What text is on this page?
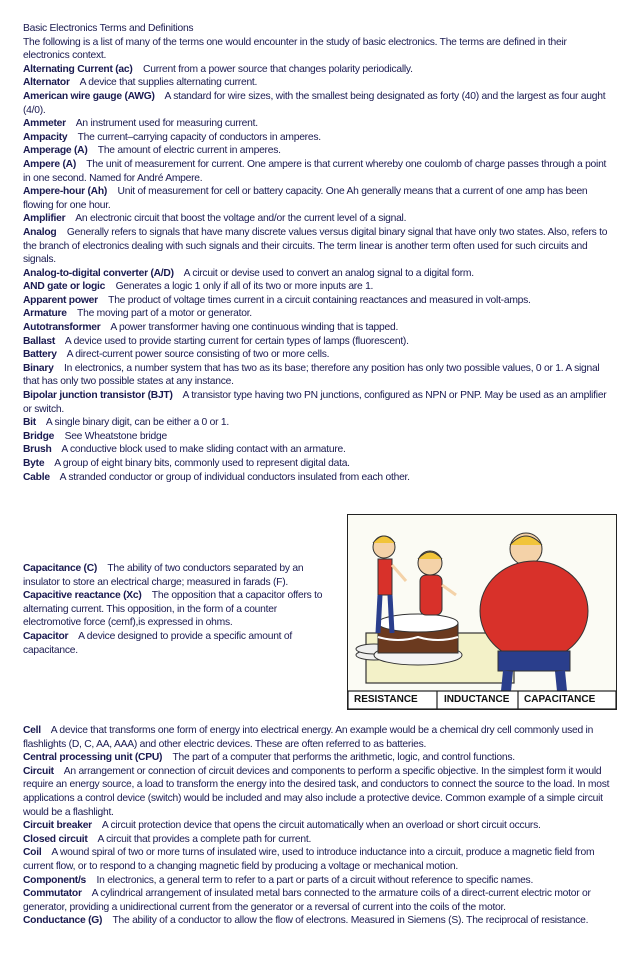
Basic Electronics Terms and Definitions

The following is a list of many of the terms one would encounter in the study of basic electronics. The terms are defined in their electronics context.

Alternating Current (ac) Current from a power source that changes polarity periodically.

Alternator A device that supplies alternating current.

American wire gauge (AWG) A standard for wire sizes, with the smallest being designated as forty (40) and the largest as four aught (4/0).

Ammeter An instrument used for measuring current.

Ampacity The current–carrying capacity of conductors in amperes.

Amperage (A) The amount of electric current in amperes.

Ampere (A) The unit of measurement for current. One ampere is that current whereby one coulomb of charge passes through a point in one second. Named for André Ampere.

Ampere-hour (Ah) Unit of measurement for cell or battery capacity. One Ah generally means that a current of one amp has been flowing for one hour.

Amplifier An electronic circuit that boost the voltage and/or the current level of a signal.

Analog Generally refers to signals that have many discrete values versus digital binary signal that have only two states. Also, refers to the branch of electronics dealing with such signals and their circuits. The term linear is another term often used for such circuits and signals.

Analog-to-digital converter (A/D) A circuit or devise used to convert an analog signal to a digital form.

AND gate or logic Generates a logic 1 only if all of its two or more inputs are 1.

Apparent power The product of voltage times current in a circuit containing reactances and measured in volt-amps.

Armature The moving part of a motor or generator.

Autotransformer A power transformer having one continuous winding that is tapped.

Ballast A device used to provide starting current for certain types of lamps (fluorescent).

Battery A direct-current power source consisting of two or more cells.

Binary In electronics, a number system that has two as its base; therefore any position has only two possible values, 0 or 1. A signal that has only two possible states at any instance.

Bipolar junction transistor (BJT) A transistor type having two PN junctions, configured as NPN or PNP. May be used as an amplifier or switch.

Bit A single binary digit, can be either a 0 or 1.

Bridge See Wheatstone bridge

Brush A conductive block used to make sliding contact with an armature.

Byte A group of eight binary bits, commonly used to represent digital data.

Cable A stranded conductor or group of individual conductors insulated from each other.

Capacitance (C) The ability of two conductors separated by an insulator to store an electrical charge; measured in farads (F).

Capacitive reactance (Xc) The opposition that a capacitor offers to alternating current. This opposition, in the form of a counter electromotive force (cemf),is expressed in ohms.

Capacitor A device designed to provide a specific amount of capacitance.

RESISTANCE	INDUCTANCE CAPACITANCE

Cell A device that transforms one form of energy into electrical energy. An example would be a chemical dry cell commonly used in flashlights (D, C, AA, AAA) and other electric devices. These are often referred to as batteries.

Central processing unit (CPU) The part of a computer that performs the arithmetic, logic, and control functions.

Circuit An arrangement or connection of circuit devices and components to perform a specific objective. In the simplest form it would require an energy source, a load to transform the energy into the desired task, and conductors to connect the source to the load. In most applications a control device (switch) would be included and may also include a protective device. Common example of a simple circuit would be a flashlight.

Circuit breaker A circuit protection device that opens the circuit automatically when an overload or short circuit occurs.

Closed circuit A circuit that provides a complete path for current.

Coil A wound spiral of two or more turns of insulated wire, used to introduce inductance into a circuit, produce a magnetic field from current flow, or to respond to a changing magnetic field by producing a voltage or mechanical motion.

Component/s In electronics, a general term to refer to a part or parts of a circuit without reference to specific names.

Commutator A cylindrical arrangement of insulated metal bars connected to the armature coils of a direct-current electric motor or generator, providing a unidirectional current from the generator or a reversal of current into the coils of the motor.

Conductance (G) The ability of a conductor to allow the flow of electrons. Measured in Siemens (S). The reciprocal of resistance.
